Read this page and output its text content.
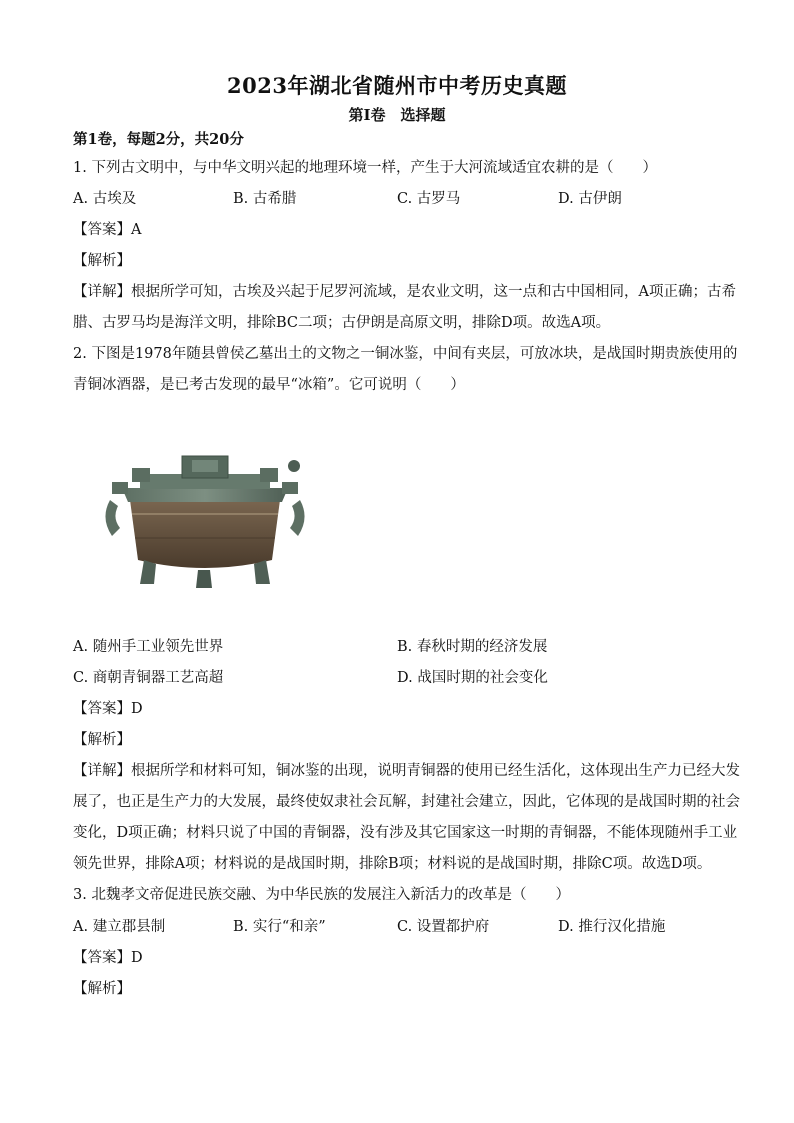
2023年湖北省随州市中考历史真题
第Ⅰ卷　选择题
第1卷，每题2分，共20分
1. 下列古文明中，与中华文明兴起的地理环境一样，产生于大河流域适宜农耕的是（　　）
A. 古埃及	B. 古希腊	C. 古罗马	D. 古伊朗
【答案】A
【解析】
【详解】根据所学可知，古埃及兴起于尼罗河流域，是农业文明，这一点和古中国相同，A项正确；古希
腊、古罗马均是海洋文明，排除BC二项；古伊朗是高原文明，排除D项。故选A项。
2. 下图是1978年随县曾侯乙墓出土的文物之一铜冰鉴，中间有夹层，可放冰块，是战国时期贵族使用的
青铜冰酒器，是已考古发现的最早“冰箱”。它可说明（　　）
A. 随州手工业领先世界	B. 春秋时期的经济发展
C. 商朝青铜器工艺高超	D. 战国时期的社会变化
【答案】D
【解析】
【详解】根据所学和材料可知，铜冰鉴的出现，说明青铜器的使用已经生活化，这体现出生产力已经大发
展了，也正是生产力的大发展，最终使奴隶社会瓦解，封建社会建立，因此，它体现的是战国时期的社会
变化，D项正确；材料只说了中国的青铜器，没有涉及其它国家这一时期的青铜器，不能体现随州手工业
领先世界，排除A项；材料说的是战国时期，排除B项；材料说的是战国时期，排除C项。故选D项。
3. 北魏孝文帝促进民族交融、为中华民族的发展注入新活力的改革是（　　）
A. 建立郡县制	B. 实行“和亲”	C. 设置都护府	D. 推行汉化措施
【答案】D
【解析】
